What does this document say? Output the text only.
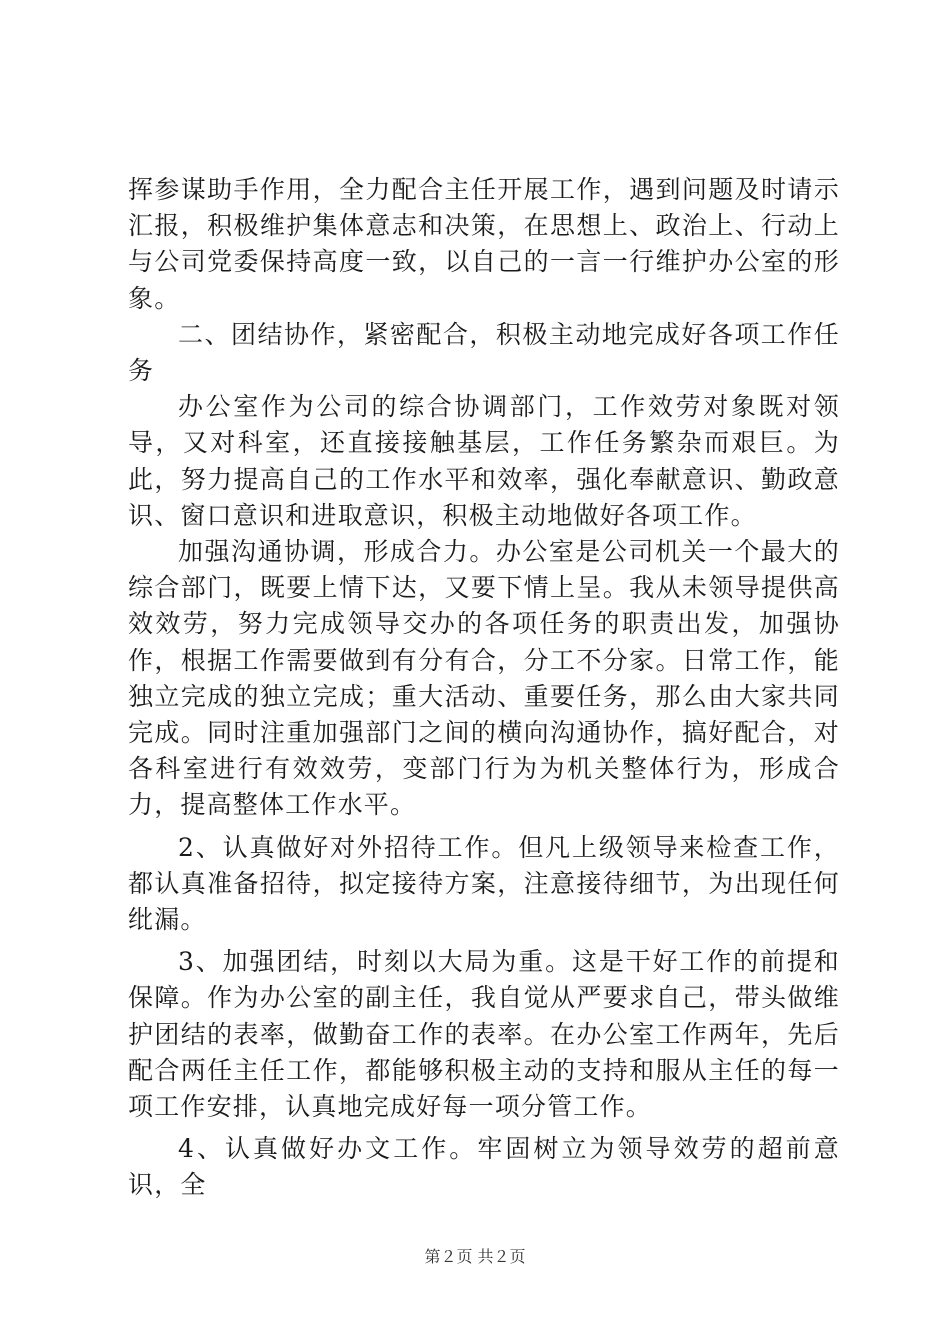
挥参谋助手作用，全力配合主任开展工作，遇到问题及时请示汇报，积极维护集体意志和决策，在思想上、政治上、行动上与公司党委保持高度一致，以自己的一言一行维护办公室的形象。

二、团结协作，紧密配合，积极主动地完成好各项工作任务

办公室作为公司的综合协调部门，工作效劳对象既对领导，又对科室，还直接接触基层，工作任务繁杂而艰巨。为此，努力提高自己的工作水平和效率，强化奉献意识、勤政意识、窗口意识和进取意识，积极主动地做好各项工作。

加强沟通协调，形成合力。办公室是公司机关一个最大的综合部门，既要上情下达，又要下情上呈。我从未领导提供高效效劳，努力完成领导交办的各项任务的职责出发，加强协作，根据工作需要做到有分有合，分工不分家。日常工作，能独立完成的独立完成；重大活动、重要任务，那么由大家共同完成。同时注重加强部门之间的横向沟通协作，搞好配合，对各科室进行有效效劳，变部门行为为机关整体行为，形成合力，提高整体工作水平。

2、认真做好对外招待工作。但凡上级领导来检查工作，都认真准备招待，拟定接待方案，注意接待细节，为出现任何纰漏。

3、加强团结，时刻以大局为重。这是干好工作的前提和保障。作为办公室的副主任，我自觉从严要求自己，带头做维护团结的表率，做勤奋工作的表率。在办公室工作两年，先后配合两任主任工作，都能够积极主动的支持和服从主任的每一项工作安排，认真地完成好每一项分管工作。

4、认真做好办文工作。牢固树立为领导效劳的超前意识，全

第２页 共２页
